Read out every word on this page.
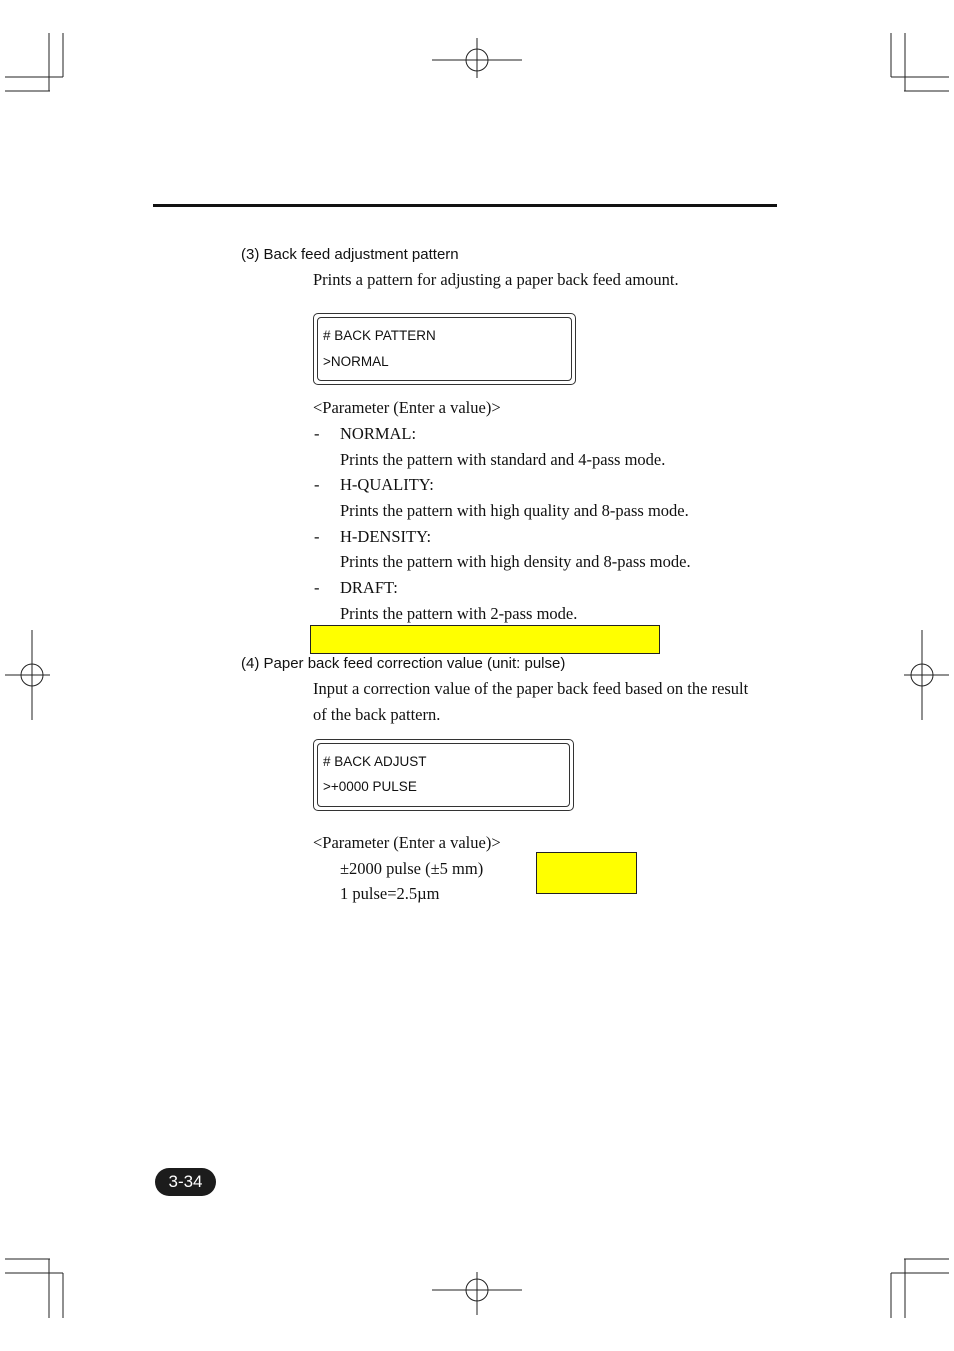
(3) Back feed adjustment pattern
Prints a pattern for adjusting a paper back feed amount.
# BACK PATTERN
>NORMAL
<Parameter (Enter a value)>
- NORMAL:
Prints the pattern with standard and 4-pass mode.
- H-QUALITY:
Prints the pattern with high quality and 8-pass mode.
- H-DENSITY:
Prints the pattern with high density and 8-pass mode.
- DRAFT:
Prints the pattern with 2-pass mode.
(4) Paper back feed correction value (unit: pulse)
Input a correction value of the paper back feed based on the result
of the back pattern.
# BACK ADJUST
>+0000 PULSE
<Parameter (Enter a value)>
±2000 pulse (±5 mm)
1 pulse=2.5µm
3-34
